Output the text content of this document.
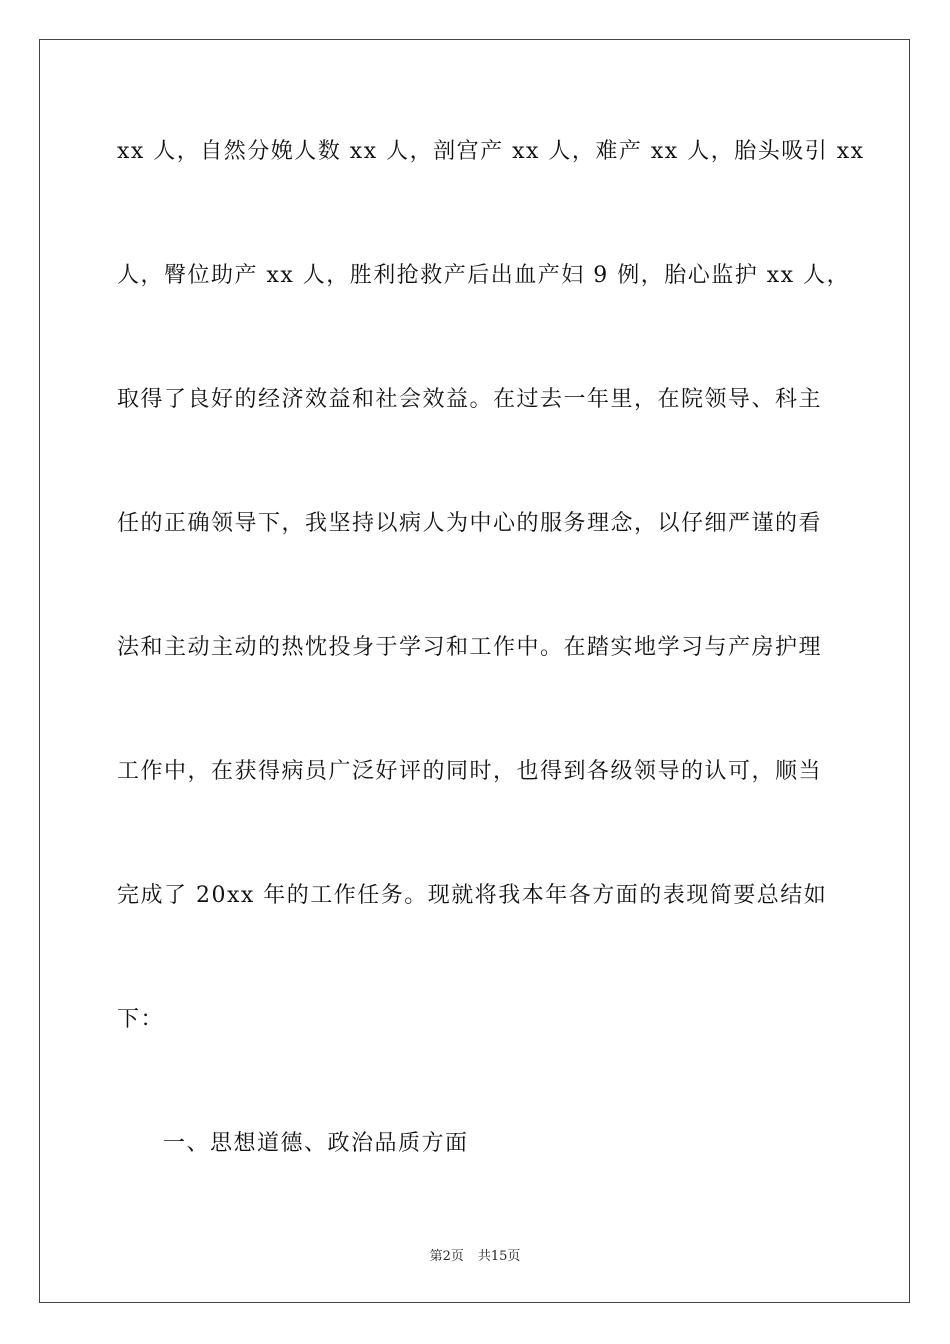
xx 人，自然分娩人数 xx 人，剖宫产 xx 人，难产 xx 人，胎头吸引 xx
人，臀位助产 xx 人，胜利抢救产后出血产妇 9 例，胎心监护 xx 人，
取得了良好的经济效益和社会效益。在过去一年里，在院领导、科主
任的正确领导下，我坚持以病人为中心的服务理念，以仔细严谨的看
法和主动主动的热忱投身于学习和工作中。在踏实地学习与产房护理
工作中，在获得病员广泛好评的同时，也得到各级领导的认可，顺当
完成了 20xx 年的工作任务。现就将我本年各方面的表现简要总结如
下：
一、思想道德、政治品质方面
第2页 共15页
